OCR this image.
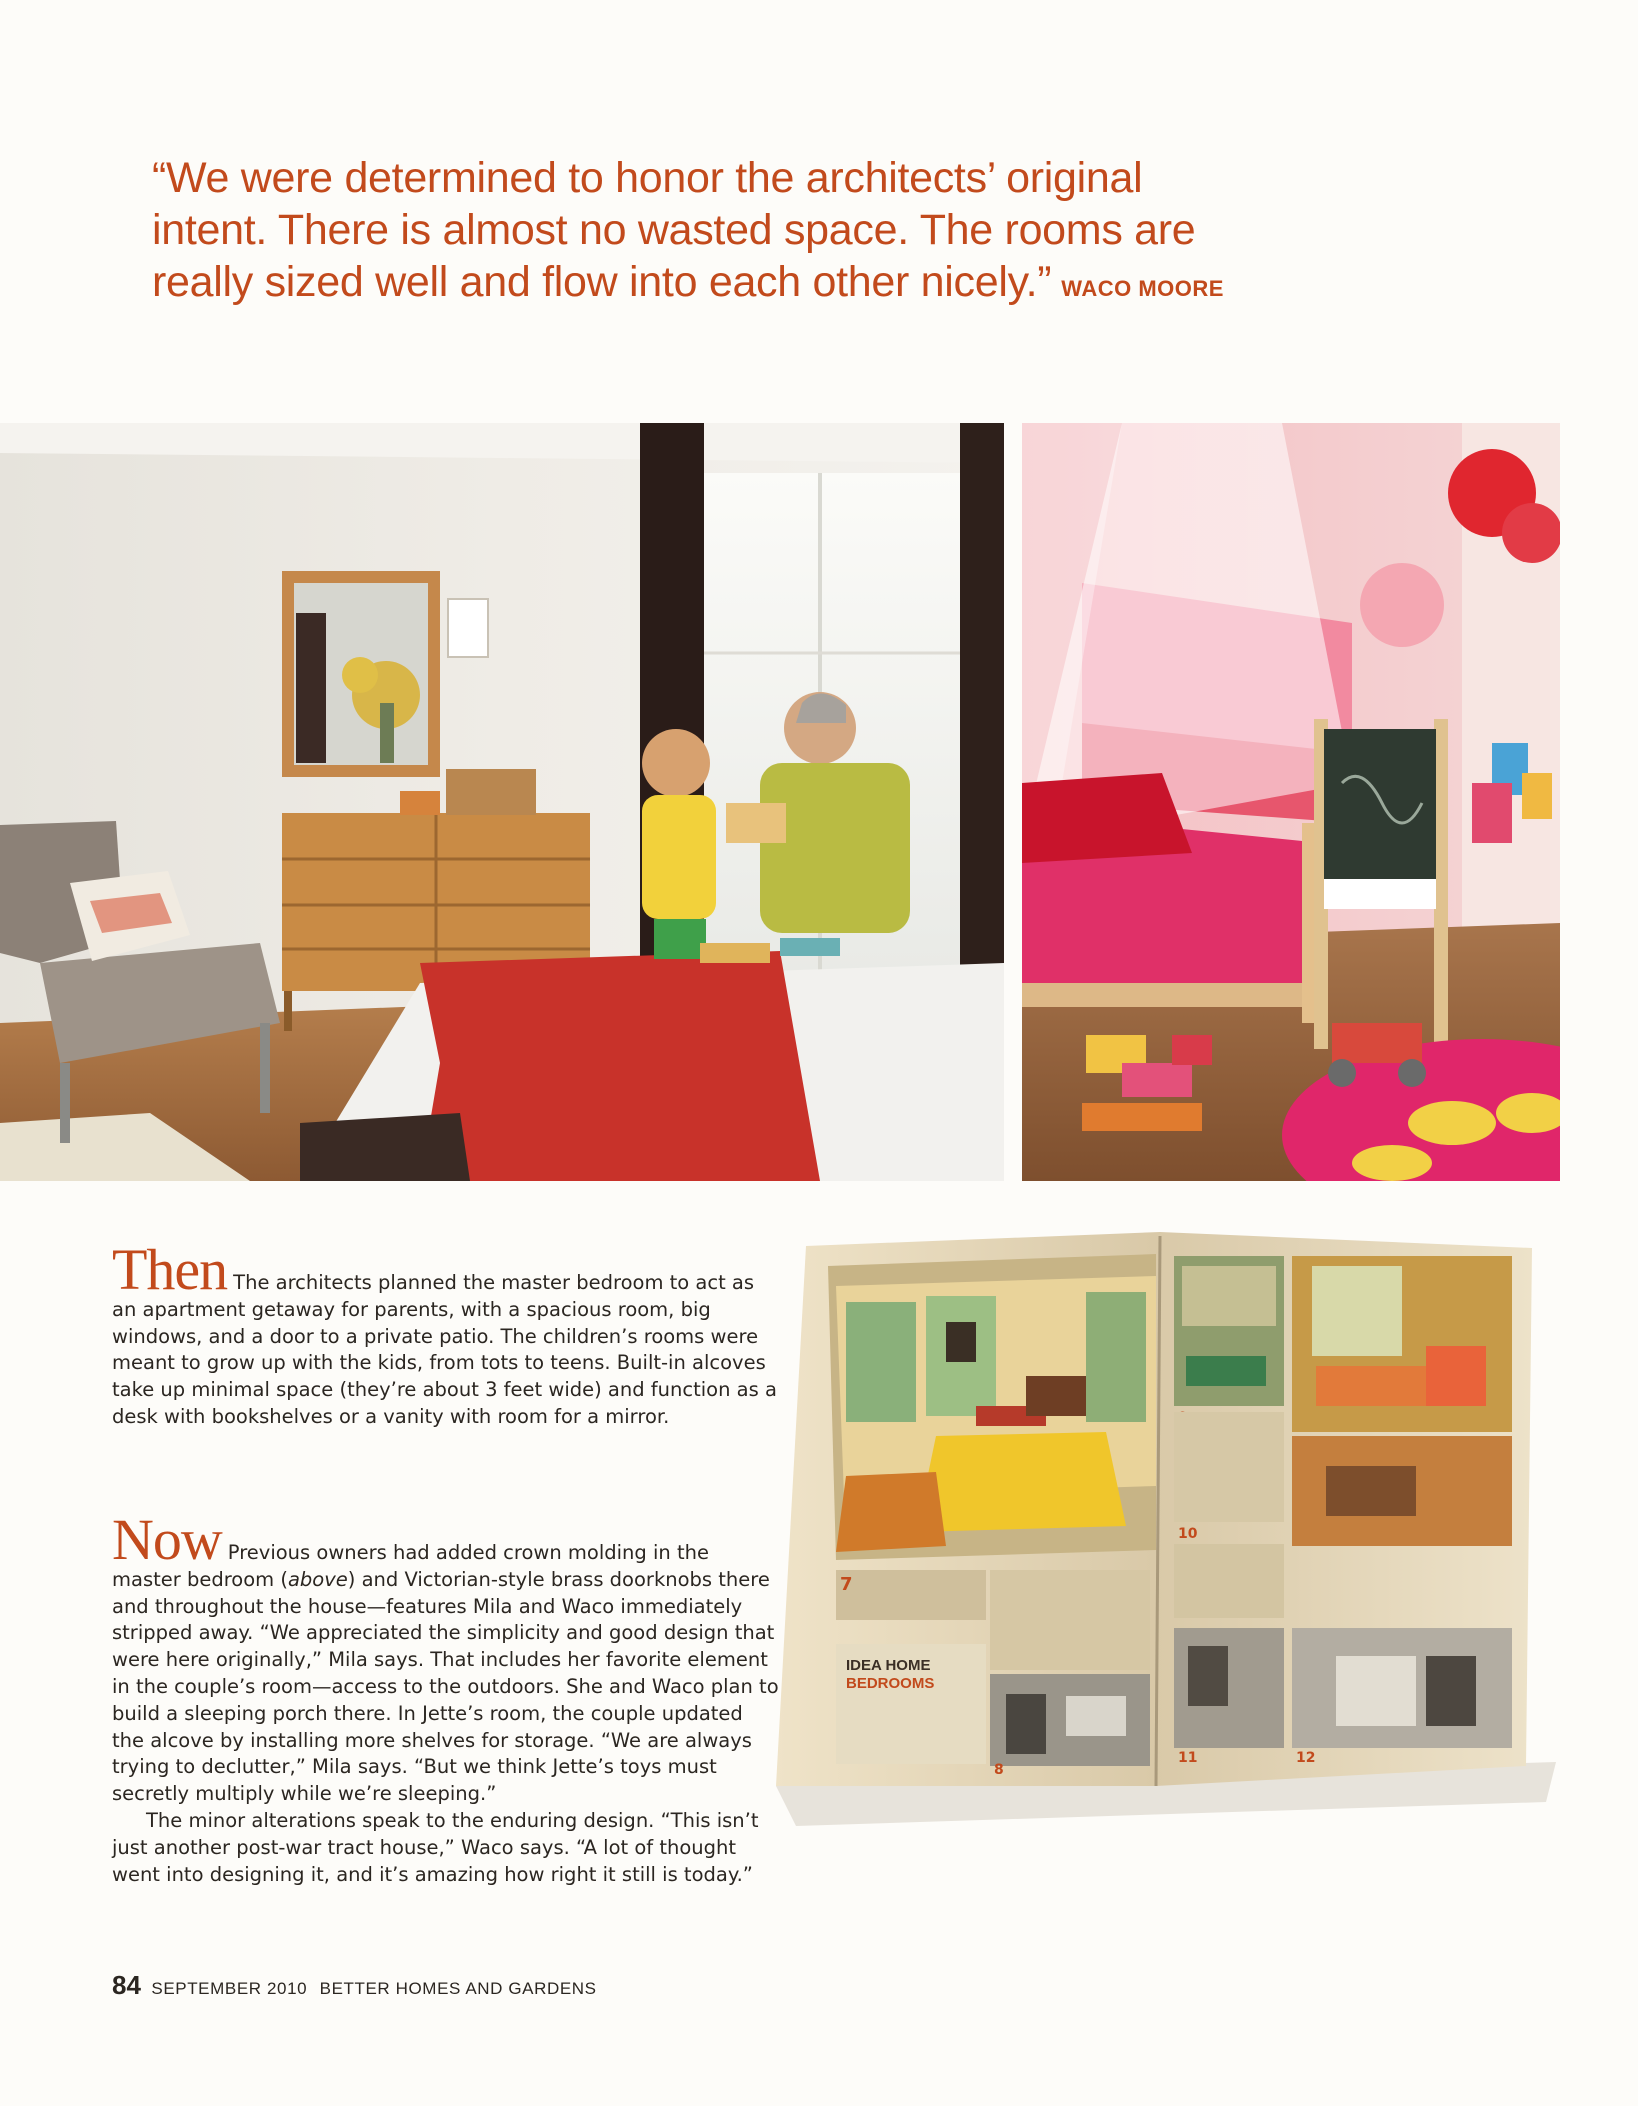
“We were determined to honor the architects’ original
intent. There is almost no wasted space. The rooms are
really sized well and flow into each other nicely.” WACO MOORE

Then The architects planned the master bedroom to act as an apartment getaway for parents, with a spacious room, big windows, and a door to a private patio. The children’s rooms were meant to grow up with the kids, from tots to teens. Built-in alcoves take up minimal space (they’re about 3 feet wide) and function as a desk with bookshelves or a vanity with room for a mirror.

Now Previous owners had added crown molding in the master bedroom (above) and Victorian-style brass doorknobs there and throughout the house—features Mila and Waco immediately stripped away. “We appreciated the simplicity and good design that were here originally,” Mila says. That includes her favorite element in the couple’s room—access to the outdoors. She and Waco plan to build a sleeping porch there. In Jette’s room, the couple updated the alcove by installing more shelves for storage. “We are always trying to declutter,” Mila says. “But we think Jette’s toys must secretly multiply while we’re sleeping.”

The minor alterations speak to the enduring design. “This isn’t just another post-war tract house,” Waco says. “A lot of thought went into designing it, and it’s amazing how right it still is today.”

7
IDEA HOME
BEDROOMS
8
10
11	12
84 SEPTEMBER 2010 BETTER HOMES AND GARDENS
